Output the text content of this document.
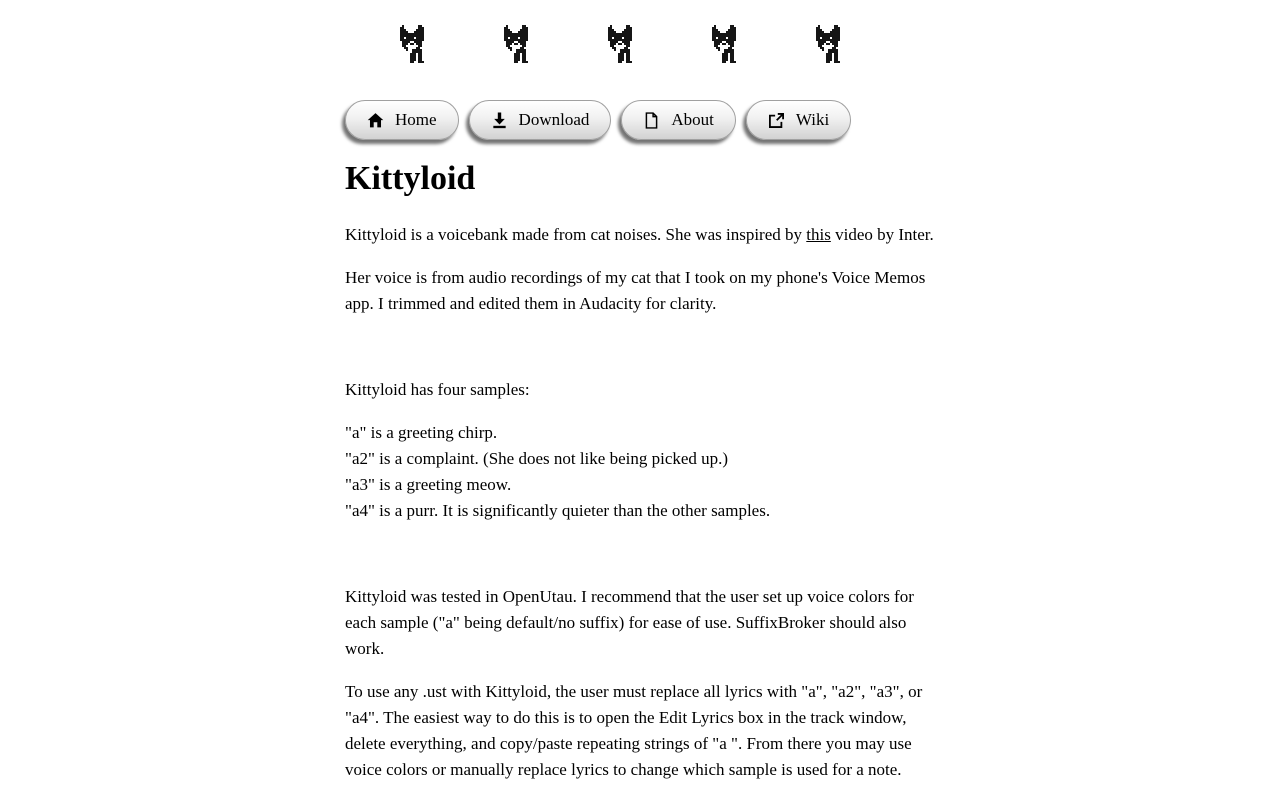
Home	Download	About	Wiki
Kittyloid

Kittyloid is a voicebank made from cat noises. She was inspired by this video by Inter.

Her voice is from audio recordings of my cat that I took on my phone's Voice Memos app. I trimmed and edited them in Audacity for clarity.

Kittyloid has four samples:

"a" is a greeting chirp.
"a2" is a complaint. (She does not like being picked up.)
"a3" is a greeting meow.
"a4" is a purr. It is significantly quieter than the other samples.

Kittyloid was tested in OpenUtau. I recommend that the user set up voice colors for each sample ("a" being default/no suffix) for ease of use. SuffixBroker should also work.

To use any .ust with Kittyloid, the user must replace all lyrics with "a", "a2", "a3", or "a4". The easiest way to do this is to open the Edit Lyrics box in the track window, delete everything, and copy/paste repeating strings of "a ". From there you may use voice colors or manually replace lyrics to change which sample is used for a note.
